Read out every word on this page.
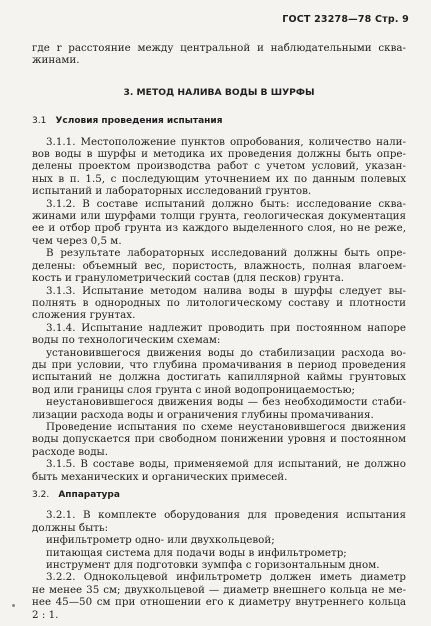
ГОСТ 23278—78 Стр. 9
где r расстояние между центральной и наблюдательными сква-
жинами.
3. МЕТОД НАЛИВА ВОДЫ В ШУРФЫ
3.1 Условия проведения испытания
3.1.1. Местоположение пунктов опробования, количество нали-
вов воды в шурфы и методика их проведения должны быть опре-
делены проектом производства работ с учетом условий, указан-
ных в п. 1.5, с последующим уточнением их по данным полевых
испытаний и лабораторных исследований грунтов.
3.1.2. В составе испытаний должно быть: исследование сква-
жинами или шурфами толщи грунта, геологическая документация
ее и отбор проб грунта из каждого выделенного слоя, но не реже,
чем через 0,5 м.
В результате лабораторных исследований должны быть опре-
делены: объемный вес, пористость, влажность, полная влагоем-
кость и гранулометрический состав (для песков) грунта.
3.1.3. Испытание методом налива воды в шурфы следует вы-
полнять в однородных по литологическому составу и плотности
сложения грунтах.
3.1.4. Испытание надлежит проводить при постоянном напоре
воды по технологическим схемам:
установившегося движения воды до стабилизации расхода во-
ды при условии, что глубина промачивания в период проведения
испытаний не должна достигать капиллярной каймы грунтовых
вод или границы слоя грунта с иной водопроницаемостью;
неустановившегося движения воды — без необходимости стаби-
лизации расхода воды и ограничения глубины промачивания.
Проведение испытания по схеме неустановившегося движения
воды допускается при свободном понижении уровня и постоянном
расходе воды.
3.1.5. В составе воды, применяемой для испытаний, не должно
быть механических и органических примесей.
3.2. Аппаратура
3.2.1. В комплекте оборудования для проведения испытания
должны быть:
инфильтрометр одно- или двухкольцевой;
питающая система для подачи воды в инфильтрометр;
инструмент для подготовки зумпфа с горизонтальным дном.
3.2.2. Однокольцевой инфильтрометр должен иметь диаметр
не менее 35 см; двухкольцевой — диаметр внешнего кольца не ме-
нее 45—50 см при отношении его к диаметру внутреннего кольца
2 : 1.
